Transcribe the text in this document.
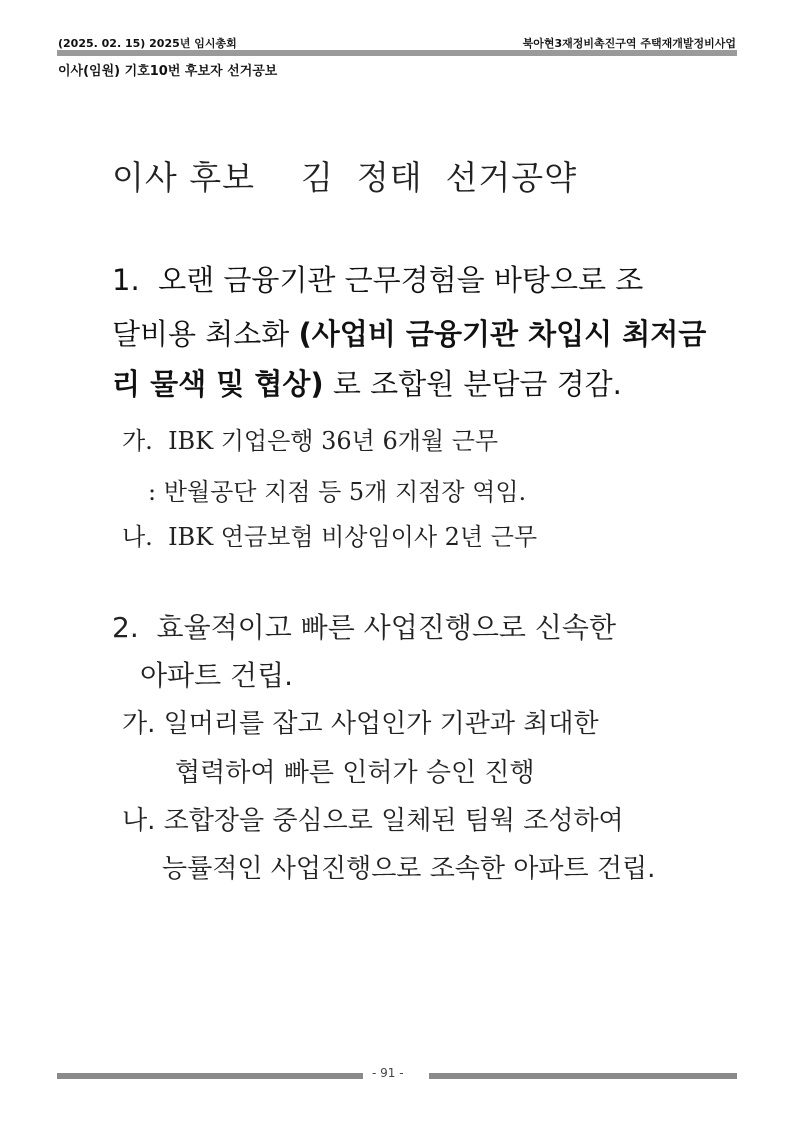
(2025. 02. 15) 2025년 임시총회	북아현3재정비촉진구역 주택재개발정비사업
이사(임원) 기호10번 후보자 선거공보
이사 후보    김  정태  선거공약
1.  오랜 금융기관 근무경험을 바탕으로 조
달비용 최소화 (사업비 금융기관 차입시 최저금
리 물색 및 협상) 로 조합원 분담금 경감.
가.  IBK 기업은행 36년 6개월 근무
: 반월공단 지점 등 5개 지점장 역임.
나.  IBK 연금보험 비상임이사 2년 근무
2.  효율적이고 빠른 사업진행으로 신속한
아파트 건립.
가. 일머리를 잡고 사업인가 기관과 최대한
협력하여 빠른 인허가 승인 진행
나. 조합장을 중심으로 일체된 팀웍 조성하여
능률적인 사업진행으로 조속한 아파트 건립.
- 91 -
